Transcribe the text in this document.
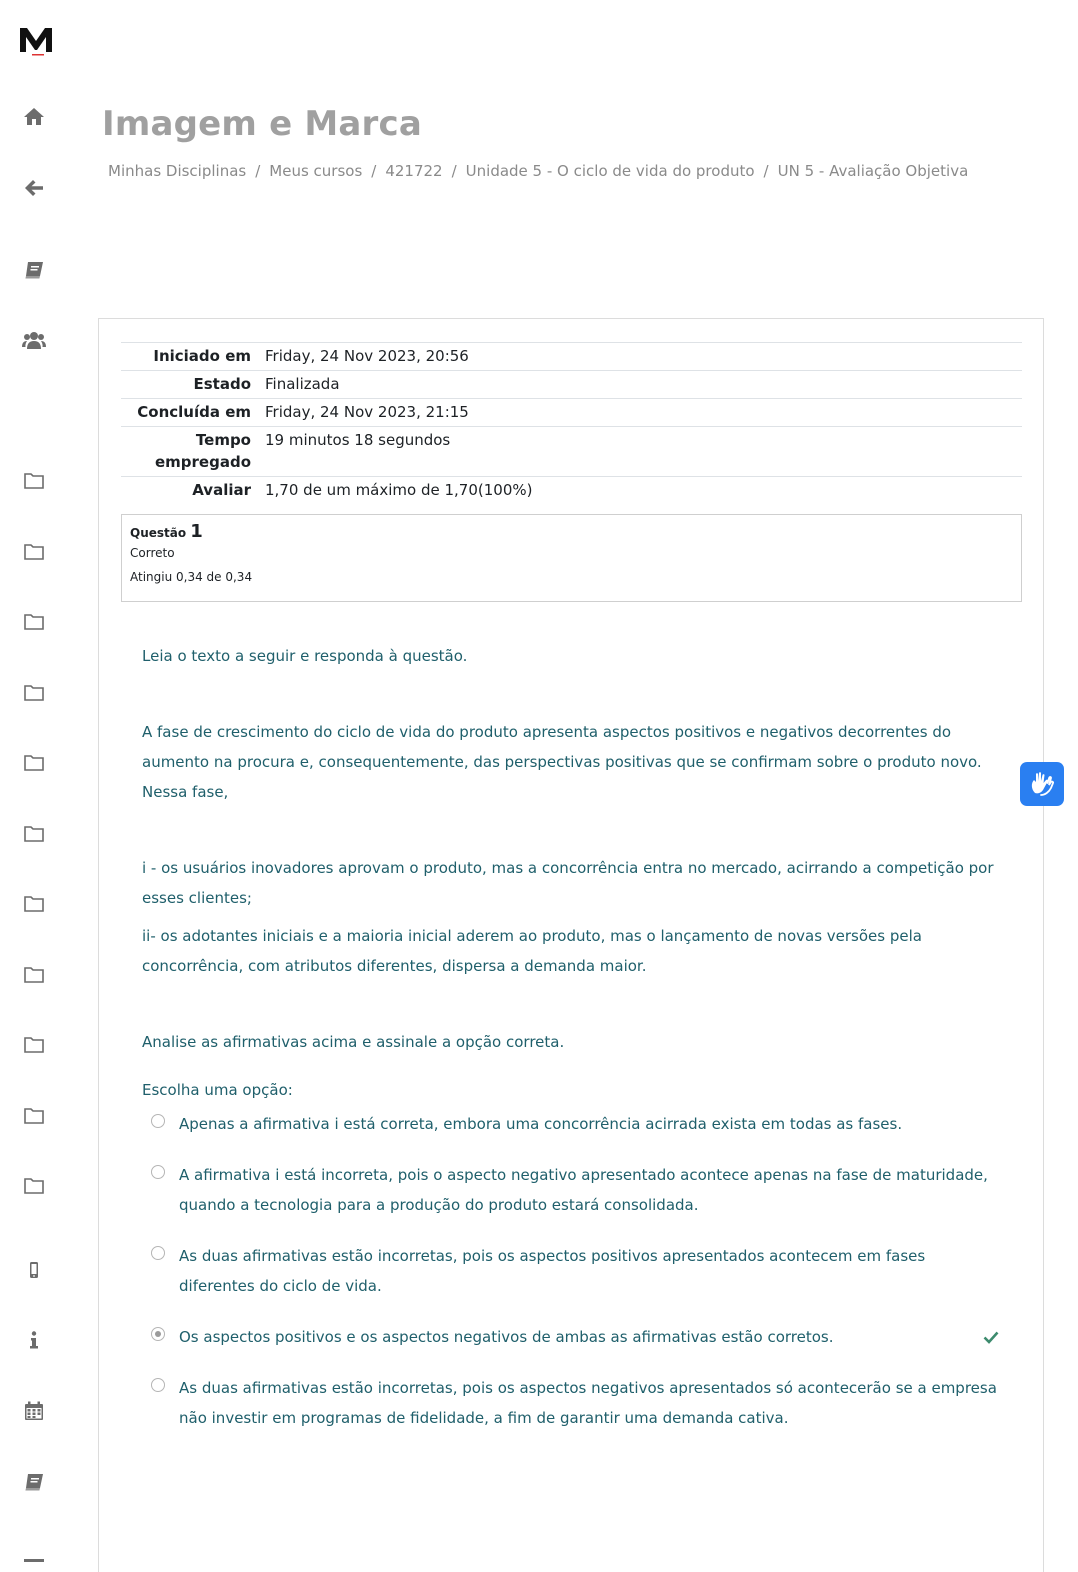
Imagem e Marca
Minhas Disciplinas / Meus cursos / 421722 / Unidade 5 - O ciclo de vida do produto / UN 5 - Avaliação Objetiva
Iniciado em	Friday, 24 Nov 2023, 20:56
Estado	Finalizada
Concluída em	Friday, 24 Nov 2023, 21:15
Tempo empregado	19 minutos 18 segundos
Avaliar	1,70 de um máximo de 1,70(100%)
Questão 1
Correto
Atingiu 0,34 de 0,34

Leia o texto a seguir e responda à questão.

A fase de crescimento do ciclo de vida do produto apresenta aspectos positivos e negativos decorrentes do aumento na procura e, consequentemente, das perspectivas positivas que se confirmam sobre o produto novo. Nessa fase,

i - os usuários inovadores aprovam o produto, mas a concorrência entra no mercado, acirrando a competição por esses clientes;

ii- os adotantes iniciais e a maioria inicial aderem ao produto, mas o lançamento de novas versões pela concorrência, com atributos diferentes, dispersa a demanda maior.

Analise as afirmativas acima e assinale a opção correta.

Escolha uma opção:
Apenas a afirmativa i está correta, embora uma concorrência acirrada exista em todas as fases.
A afirmativa i está incorreta, pois o aspecto negativo apresentado acontece apenas na fase de maturidade, quando a tecnologia para a produção do produto estará consolidada.
As duas afirmativas estão incorretas, pois os aspectos positivos apresentados acontecem em fases diferentes do ciclo de vida.
Os aspectos positivos e os aspectos negativos de ambas as afirmativas estão corretos.
As duas afirmativas estão incorretas, pois os aspectos negativos apresentados só acontecerão se a empresa não investir em programas de fidelidade, a fim de garantir uma demanda cativa.
